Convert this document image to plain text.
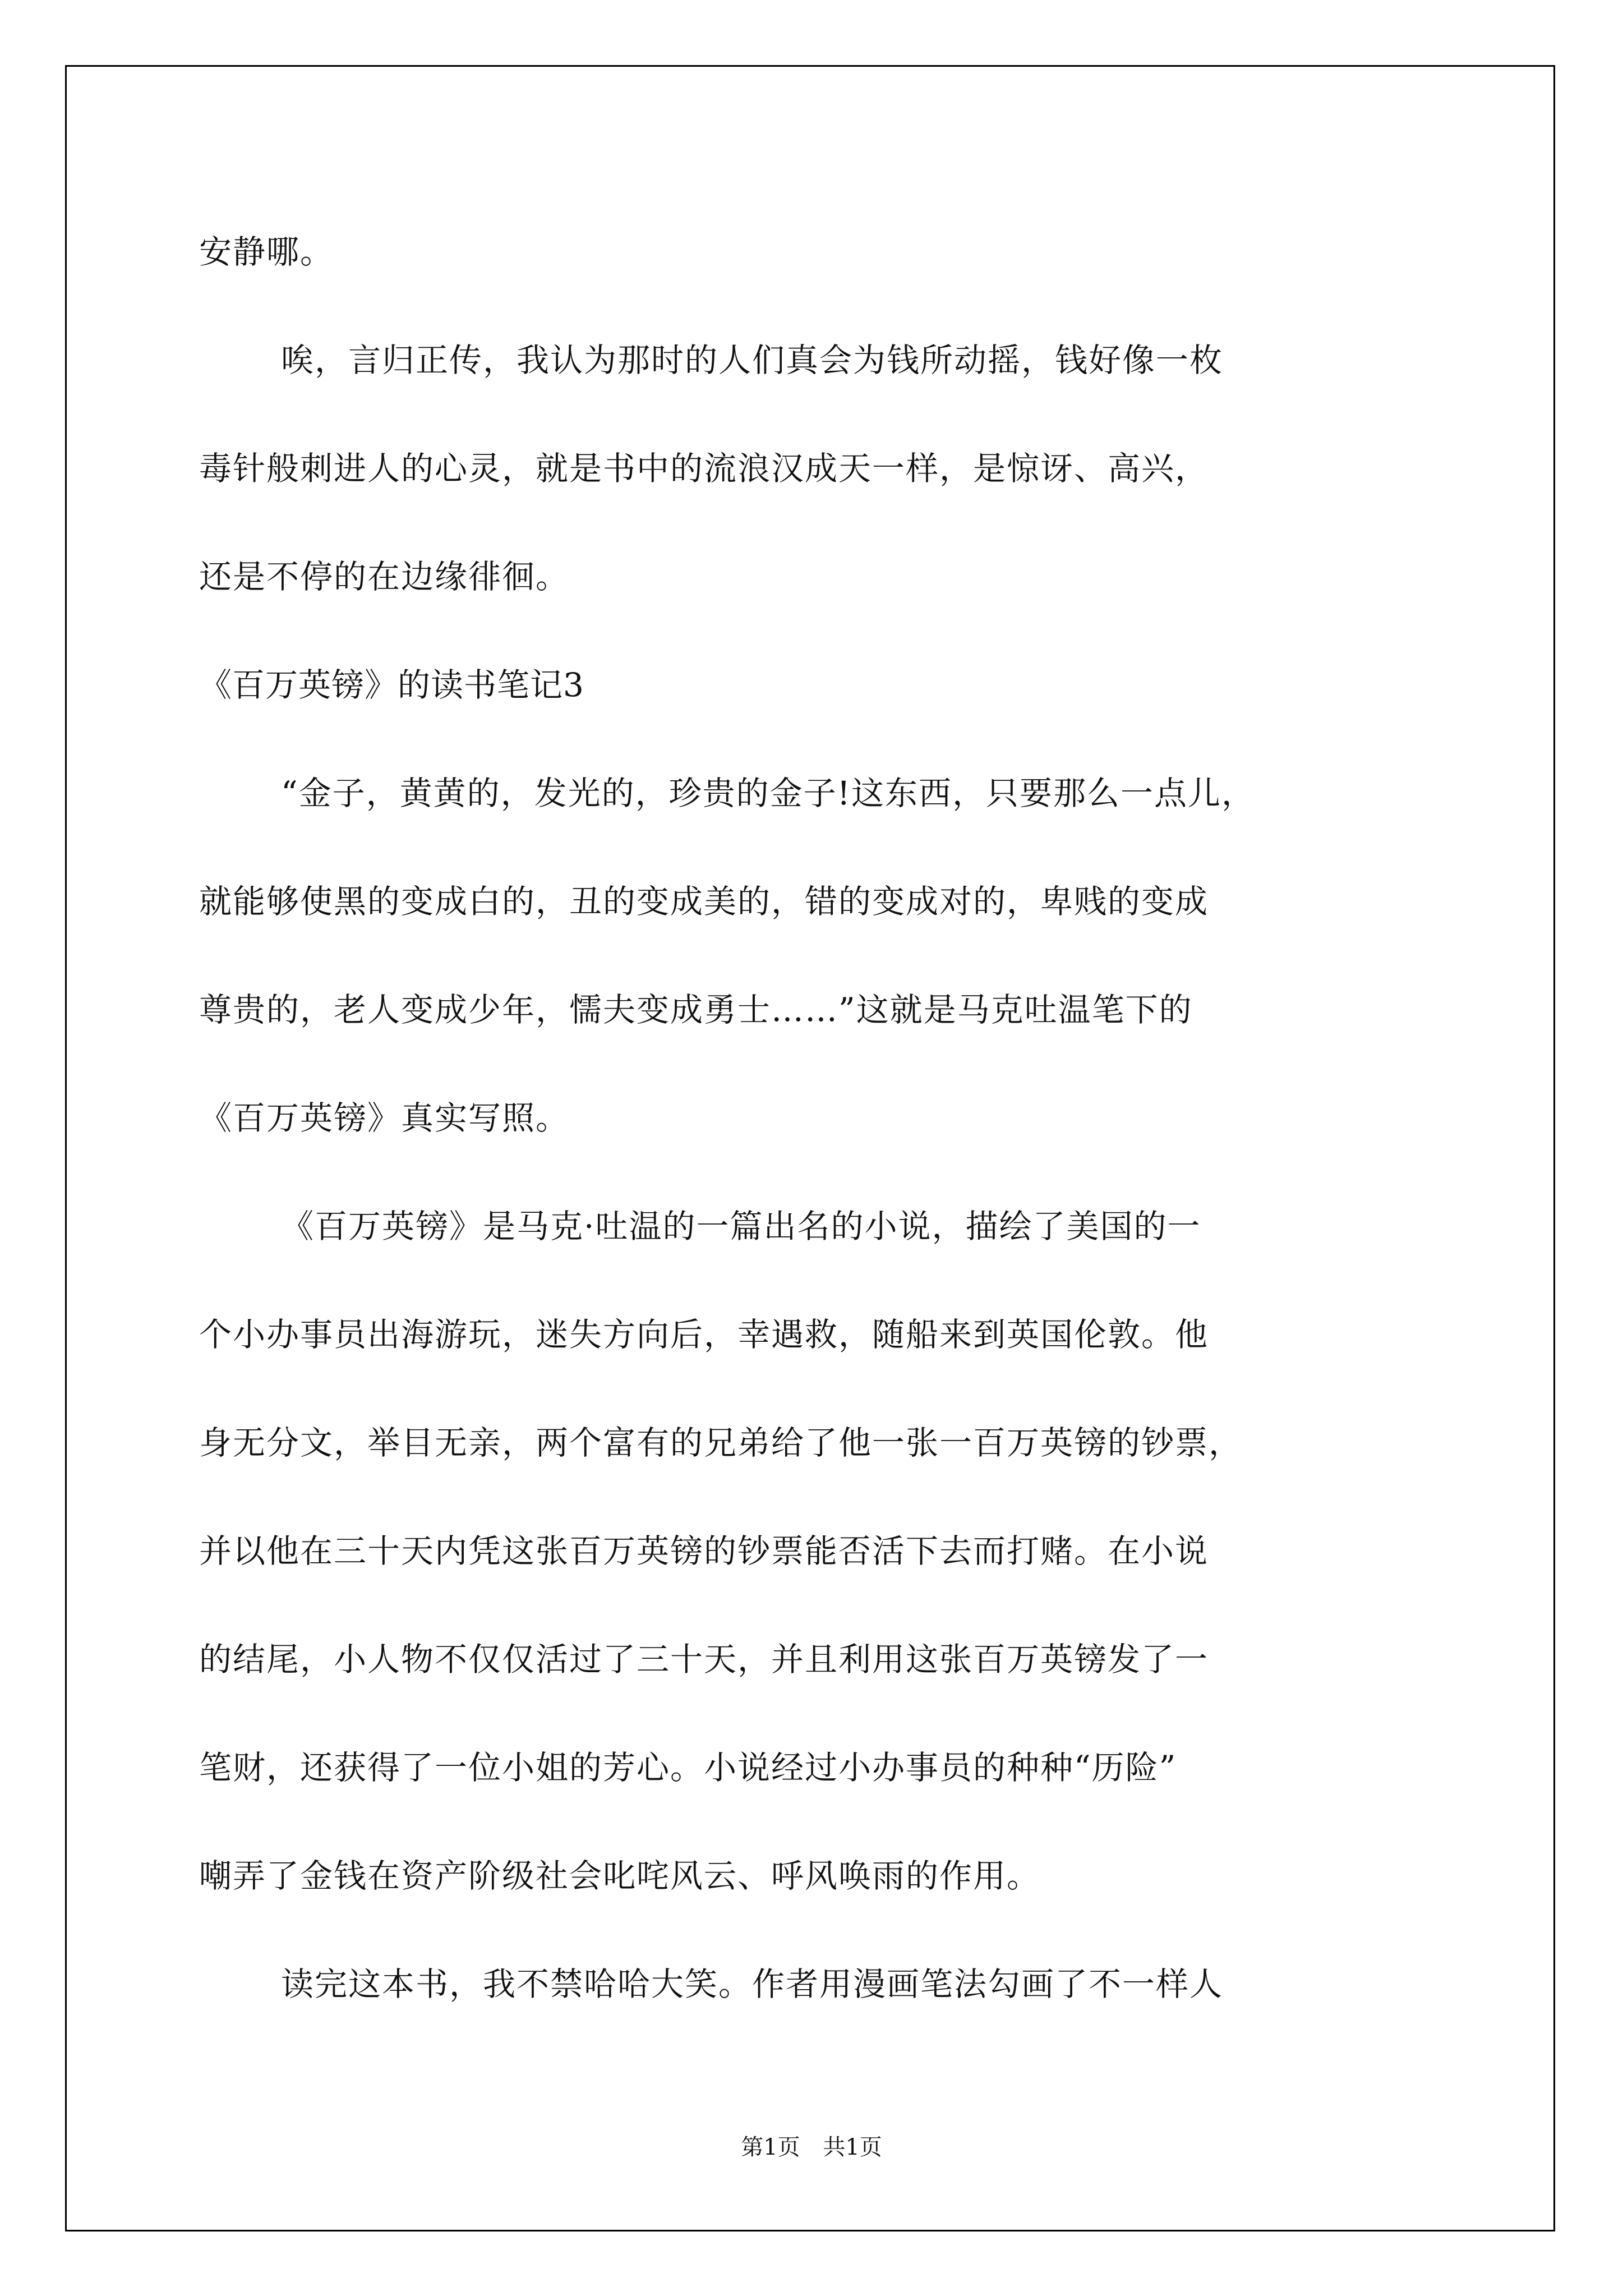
安静哪。
唉，言归正传，我认为那时的人们真会为钱所动摇，钱好像一枚
毒针般刺进人的心灵，就是书中的流浪汉成天一样，是惊讶、高兴，
还是不停的在边缘徘徊。
《百万英镑》的读书笔记3
“金子，黄黄的，发光的，珍贵的金子!这东西，只要那么一点儿，
就能够使黑的变成白的，丑的变成美的，错的变成对的，卑贱的变成
尊贵的，老人变成少年，懦夫变成勇士……”这就是马克吐温笔下的
《百万英镑》真实写照。
《百万英镑》是马克·吐温的一篇出名的小说，描绘了美国的一
个小办事员出海游玩，迷失方向后，幸遇救，随船来到英国伦敦。他
身无分文，举目无亲，两个富有的兄弟给了他一张一百万英镑的钞票，
并以他在三十天内凭这张百万英镑的钞票能否活下去而打赌。在小说
的结尾，小人物不仅仅活过了三十天，并且利用这张百万英镑发了一
笔财，还获得了一位小姐的芳心。小说经过小办事员的种种“历险”
嘲弄了金钱在资产阶级社会叱咤风云、呼风唤雨的作用。
读完这本书，我不禁哈哈大笑。作者用漫画笔法勾画了不一样人
第1页 共1页
